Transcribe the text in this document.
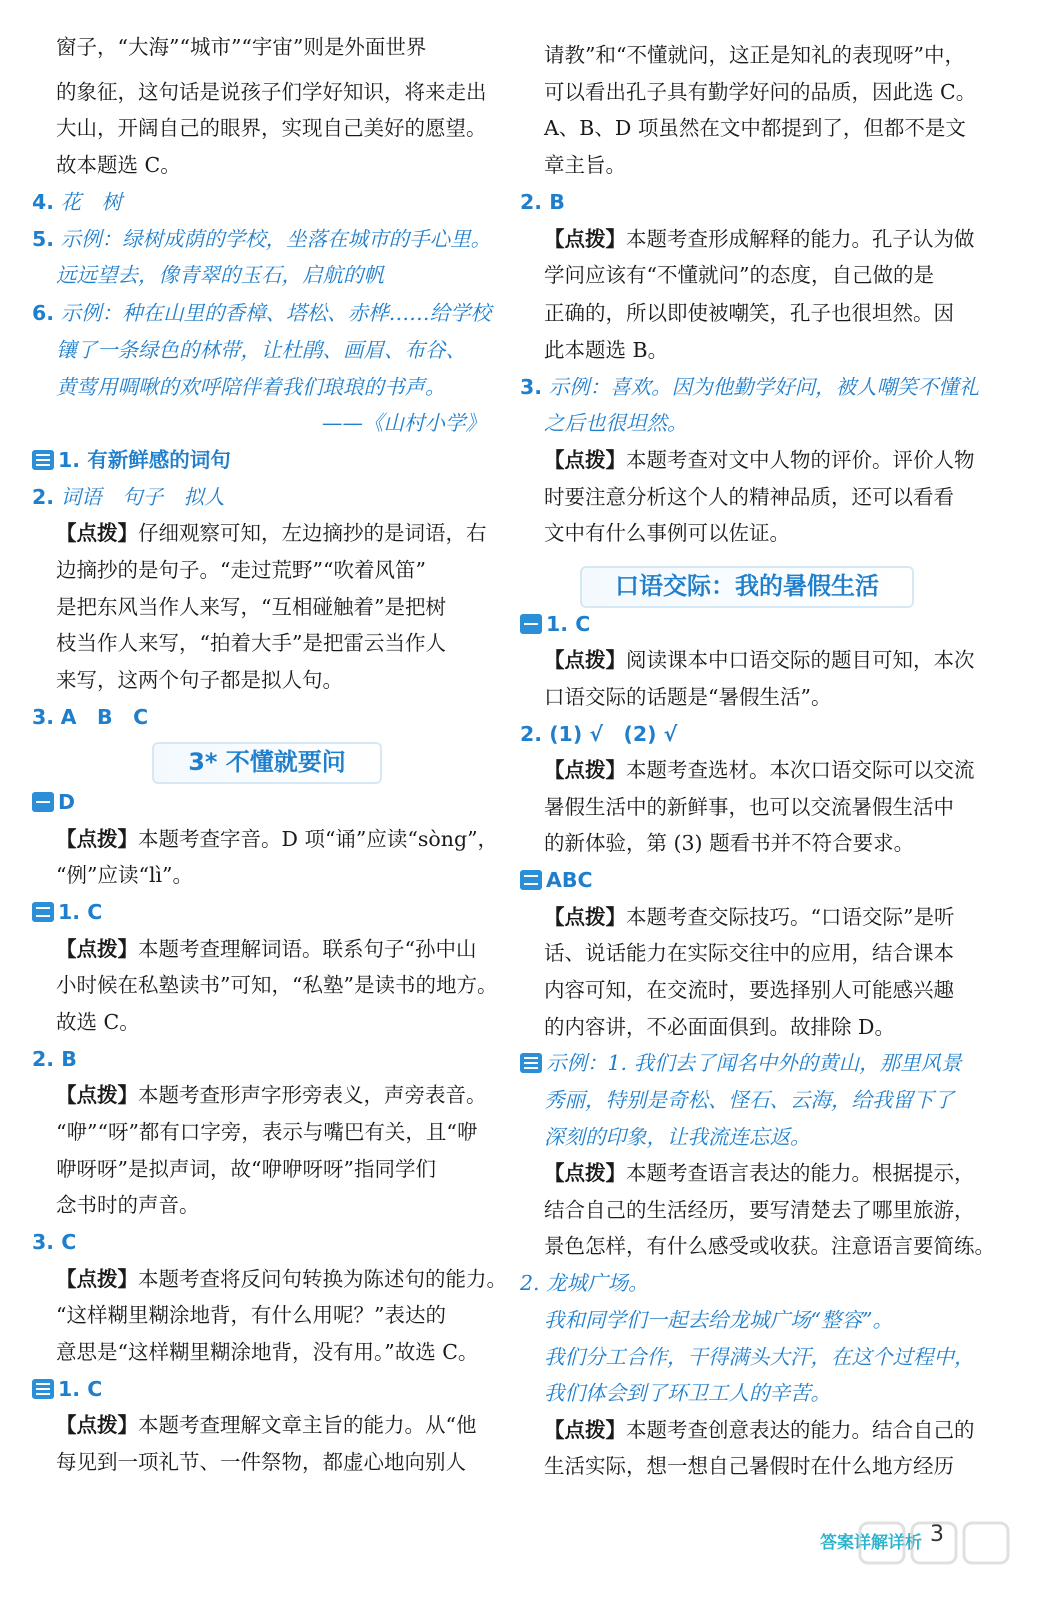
窗子，“大海”“城市”“宇宙”则是外面世界
的象征，这句话是说孩子们学好知识，将来走出
大山，开阔自己的眼界，实现自己美好的愿望。
故本题选 C。
4. 花　树
5. 示例：绿树成荫的学校，坐落在城市的手心里。
远远望去，像青翠的玉石，启航的帆
6. 示例：种在山里的香樟、塔松、赤桦……给学校
镶了一条绿色的林带，让杜鹃、画眉、布谷、
黄莺用啁啾的欢呼陪伴着我们琅琅的书声。
——《山村小学》
1. 有新鲜感的词句
2. 词语　句子　拟人
【点拨】仔细观察可知，左边摘抄的是词语，右
边摘抄的是句子。“走过荒野”“吹着风笛”
是把东风当作人来写，“互相碰触着”是把树
枝当作人来写，“拍着大手”是把雷云当作人
来写，这两个句子都是拟人句。
3. A　B　C
3* 不懂就要问
D
【点拨】本题考查字音。D 项“诵”应读“sòng”，
“例”应读“lì”。
1. C
【点拨】本题考查理解词语。联系句子“孙中山
小时候在私塾读书”可知，“私塾”是读书的地方。
故选 C。
2. B
【点拨】本题考查形声字形旁表义，声旁表音。
“咿”“呀”都有口字旁，表示与嘴巴有关，且“咿
咿呀呀”是拟声词，故“咿咿呀呀”指同学们
念书时的声音。
3. C
【点拨】本题考查将反问句转换为陈述句的能力。
“这样糊里糊涂地背，有什么用呢？”表达的
意思是“这样糊里糊涂地背，没有用。”故选 C。
1. C
【点拨】本题考查理解文章主旨的能力。从“他
每见到一项礼节、一件祭物，都虚心地向别人
请教”和“不懂就问，这正是知礼的表现呀”中，
可以看出孔子具有勤学好问的品质，因此选 C。
A、B、D 项虽然在文中都提到了，但都不是文
章主旨。
2. B
【点拨】本题考查形成解释的能力。孔子认为做
学问应该有“不懂就问”的态度，自己做的是
正确的，所以即使被嘲笑，孔子也很坦然。因
此本题选 B。
3. 示例：喜欢。因为他勤学好问，被人嘲笑不懂礼
之后也很坦然。
【点拨】本题考查对文中人物的评价。评价人物
时要注意分析这个人的精神品质，还可以看看
文中有什么事例可以佐证。
口语交际：我的暑假生活
1. C
【点拨】阅读课本中口语交际的题目可知，本次
口语交际的话题是“暑假生活”。
2. (1) √　(2) √
【点拨】本题考查选材。本次口语交际可以交流
暑假生活中的新鲜事，也可以交流暑假生活中
的新体验，第 (3) 题看书并不符合要求。
ABC
【点拨】本题考查交际技巧。“口语交际”是听
话、说话能力在实际交往中的应用，结合课本
内容可知，在交流时，要选择别人可能感兴趣
的内容讲，不必面面俱到。故排除 D。
示例：1. 我们去了闻名中外的黄山，那里风景
秀丽，特别是奇松、怪石、云海，给我留下了
深刻的印象，让我流连忘返。
【点拨】本题考查语言表达的能力。根据提示，
结合自己的生活经历，要写清楚去了哪里旅游，
景色怎样，有什么感受或收获。注意语言要简练。
2. 龙城广场。
我和同学们一起去给龙城广场“整容”。
我们分工合作，干得满头大汗，在这个过程中，
我们体会到了环卫工人的辛苦。
【点拨】本题考查创意表达的能力。结合自己的
生活实际，想一想自己暑假时在什么地方经历
答案详解详析 3
